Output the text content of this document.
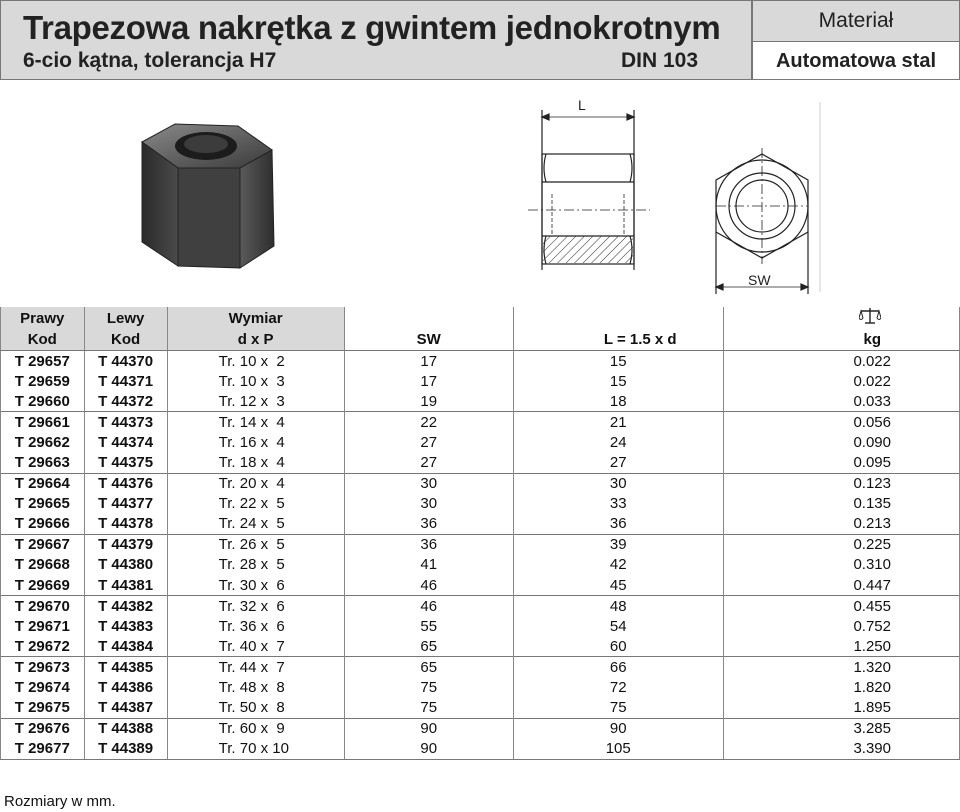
Trapezowa nakrętka z gwintem jednokrotnym
6-cio kątna, tolerancja H7	DIN 103
Materiał
Automatowa stal
L
SW
Prawy	Lewy	Wymiar			
Kod	Kod	d x P	SW	L = 1.5 x d	kg
T 29657	T 44370	Tr. 10 x  2	17	15	0.022
T 29659	T 44371	Tr. 10 x  3	17	15	0.022
T 29660	T 44372	Tr. 12 x  3	19	18	0.033
T 29661	T 44373	Tr. 14 x  4	22	21	0.056
T 29662	T 44374	Tr. 16 x  4	27	24	0.090
T 29663	T 44375	Tr. 18 x  4	27	27	0.095
T 29664	T 44376	Tr. 20 x  4	30	30	0.123
T 29665	T 44377	Tr. 22 x  5	30	33	0.135
T 29666	T 44378	Tr. 24 x  5	36	36	0.213
T 29667	T 44379	Tr. 26 x  5	36	39	0.225
T 29668	T 44380	Tr. 28 x  5	41	42	0.310
T 29669	T 44381	Tr. 30 x  6	46	45	0.447
T 29670	T 44382	Tr. 32 x  6	46	48	0.455
T 29671	T 44383	Tr. 36 x  6	55	54	0.752
T 29672	T 44384	Tr. 40 x  7	65	60	1.250
T 29673	T 44385	Tr. 44 x  7	65	66	1.320
T 29674	T 44386	Tr. 48 x  8	75	72	1.820
T 29675	T 44387	Tr. 50 x  8	75	75	1.895
T 29676	T 44388	Tr. 60 x  9	90	90	3.285
T 29677	T 44389	Tr. 70 x 10	90	105	3.390
Rozmiary w mm.
